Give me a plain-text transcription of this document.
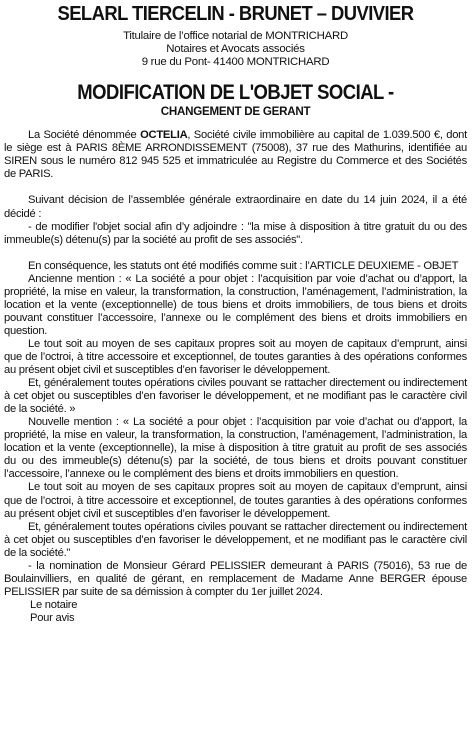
SELARL TIERCELIN - BRUNET – DUVIVIER
Titulaire de l’office notarial de MONTRICHARD
Notaires et Avocats associés
9 rue du Pont- 41400 MONTRICHARD
MODIFICATION DE L'OBJET SOCIAL -
CHANGEMENT DE GERANT

La Société dénommée OCTELIA, Société civile immobilière au capital de 1.039.500 €, dont le siège est à PARIS 8ÈME ARRONDISSEMENT (75008), 37 rue des Mathurins, identifiée au SIREN sous le numéro 812 945 525 et immatriculée au Registre du Commerce et des Sociétés de PARIS.

Suivant décision de l’assemblée générale extraordinaire en date du 14 juin 2024, il a été décidé :

- de modifier l'objet social afin d’y adjoindre : "la mise à disposition à titre gratuit du ou des immeuble(s) détenu(s) par la société au profit de ses associés".

En conséquence, les statuts ont été modifiés comme suit : l’ARTICLE DEUXIEME - OBJET

Ancienne mention : « La société a pour objet : l’acquisition par voie d’achat ou d’apport, la propriété, la mise en valeur, la transformation, la construction, l’aménagement, l’administration, la location et la vente (exceptionnelle) de tous biens et droits immobiliers, de tous biens et droits pouvant constituer l’accessoire, l’annexe ou le complément des biens et droits immobiliers en question.

Le tout soit au moyen de ses capitaux propres soit au moyen de capitaux d’emprunt, ainsi que de l’octroi, à titre accessoire et exceptionnel, de toutes garanties à des opérations conformes au présent objet civil et susceptibles d’en favoriser le développement.

Et, généralement toutes opérations civiles pouvant se rattacher directement ou indirectement à cet objet ou susceptibles d’en favoriser le développement, et ne modifiant pas le caractère civil de la société. »

Nouvelle mention : « La société a pour objet : l’acquisition par voie d’achat ou d’apport, la propriété, la mise en valeur, la transformation, la construction, l’aménagement, l’administration, la location et la vente (exceptionnelle), la mise à disposition à titre gratuit au profit de ses associés du ou des immeuble(s) détenu(s) par la société, de tous biens et droits pouvant constituer l’accessoire, l’annexe ou le complément des biens et droits immobiliers en question.

Le tout soit au moyen de ses capitaux propres soit au moyen de capitaux d’emprunt, ainsi que de l’octroi, à titre accessoire et exceptionnel, de toutes garanties à des opérations conformes au présent objet civil et susceptibles d’en favoriser le développement.

Et, généralement toutes opérations civiles pouvant se rattacher directement ou indirectement à cet objet ou susceptibles d’en favoriser le développement, et ne modifiant pas le caractère civil de la société."

- la nomination de Monsieur Gérard PELISSIER demeurant à PARIS (75016), 53 rue de Boulainvilliers, en qualité de gérant, en remplacement de Madame Anne BERGER épouse PELISSIER par suite de sa démission à compter du 1er juillet 2024.

Le notaire
Pour avis
